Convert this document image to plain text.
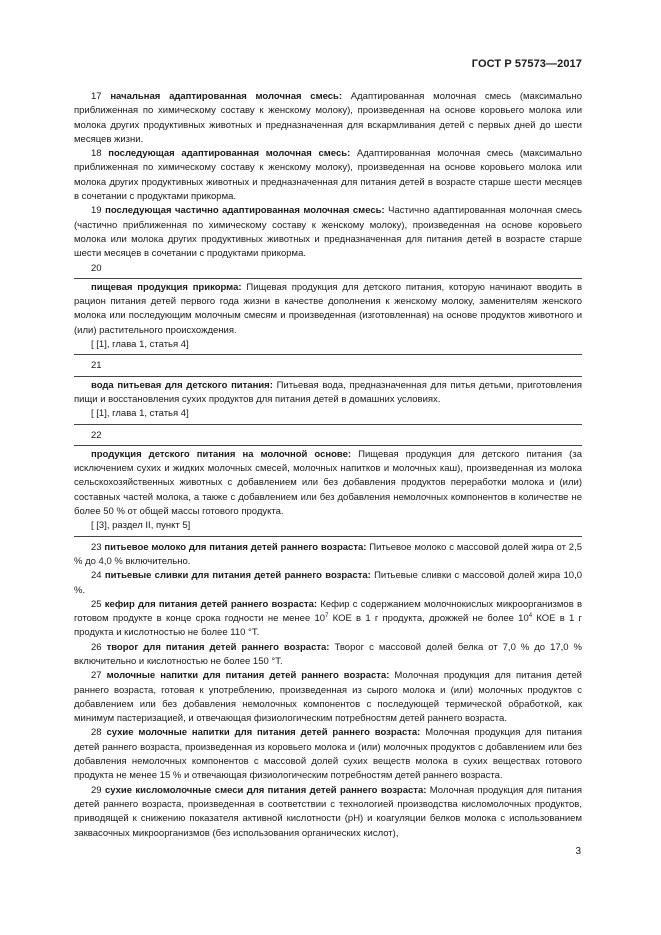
ГОСТ Р 57573—2017

17 начальная адаптированная молочная смесь: Адаптированная молочная смесь (максимально приближенная по химическому составу к женскому молоку), произведенная на основе коровьего молока или молока других продуктивных животных и предназначенная для вскармливания детей с первых дней до шести месяцев жизни.

18 последующая адаптированная молочная смесь: Адаптированная молочная смесь (максимально приближенная по химическому составу к женскому молоку), произведенная на основе коровьего молока или молока других продуктивных животных и предназначенная для питания детей в возрасте старше шести месяцев в сочетании с продуктами прикорма.

19 последующая частично адаптированная молочная смесь: Частично адаптированная молочная смесь (частично приближенная по химическому составу к женскому молоку), произведенная на основе коровьего молока или молока других продуктивных животных и предназначенная для питания детей в возрасте старше шести месяцев в сочетании с продуктами прикорма.

20

пищевая продукция прикорма: Пищевая продукция для детского питания, которую начинают вводить в рацион питания детей первого года жизни в качестве дополнения к женскому молоку, заменителям женского молока или последующим молочным смесям и произведенная (изготовленная) на основе продуктов животного и (или) растительного происхождения.

[ [1], глава 1, статья 4]
21

вода питьевая для детского питания: Питьевая вода, предназначенная для питья детьми, приготовления пищи и восстановления сухих продуктов для питания детей в домашних условиях.

[ [1], глава 1, статья 4]
22

продукция детского питания на молочной основе: Пищевая продукция для детского питания (за исключением сухих и жидких молочных смесей, молочных напитков и молочных каш), произведенная из молока сельскохозяйственных животных с добавлением или без добавления продуктов переработки молока и (или) составных частей молока, а также с добавлением или без добавления немолочных компонентов в количестве не более 50 % от общей массы готового продукта.

[ [3], раздел II, пункт 5]

23 питьевое молоко для питания детей раннего возраста: Питьевое молоко с массовой долей жира от 2,5 % до 4,0 % включительно.

24 питьевые сливки для питания детей раннего возраста: Питьевые сливки с массовой долей жира 10,0 %.

25 кефир для питания детей раннего возраста: Кефир с содержанием молочнокислых микроорганизмов в готовом продукте в конце срока годности не менее $10^7$ КОЕ в 1 г продукта, дрожжей не более $10^4$ КОЕ в 1 г продукта и кислотностью не более 110 °Т.

26 творог для питания детей раннего возраста: Творог с массовой долей белка от 7,0 % до 17,0 % включительно и кислотностью не более 150 °Т.

27 молочные напитки для питания детей раннего возраста: Молочная продукция для питания детей раннего возраста, готовая к употреблению, произведенная из сырого молока и (или) молочных продуктов с добавлением или без добавления немолочных компонентов с последующей термической обработкой, как минимум пастеризацией, и отвечающая физиологическим потребностям детей раннего возраста.

28 сухие молочные напитки для питания детей раннего возраста: Молочная продукция для питания детей раннего возраста, произведенная из коровьего молока и (или) молочных продуктов с добавлением или без добавления немолочных компонентов с массовой долей сухих веществ молока в сухих веществах готового продукта не менее 15 % и отвечающая физиологическим потребностям детей раннего возраста.

29 сухие кисломолочные смеси для питания детей раннего возраста: Молочная продукция для питания детей раннего возраста, произведенная в соответствии с технологией производства кисломолочных продуктов, приводящей к снижению показателя активной кислотности (pH) и коагуляции белков молока с использованием заквасочных микроорганизмов (без использования органических кислот),

3
